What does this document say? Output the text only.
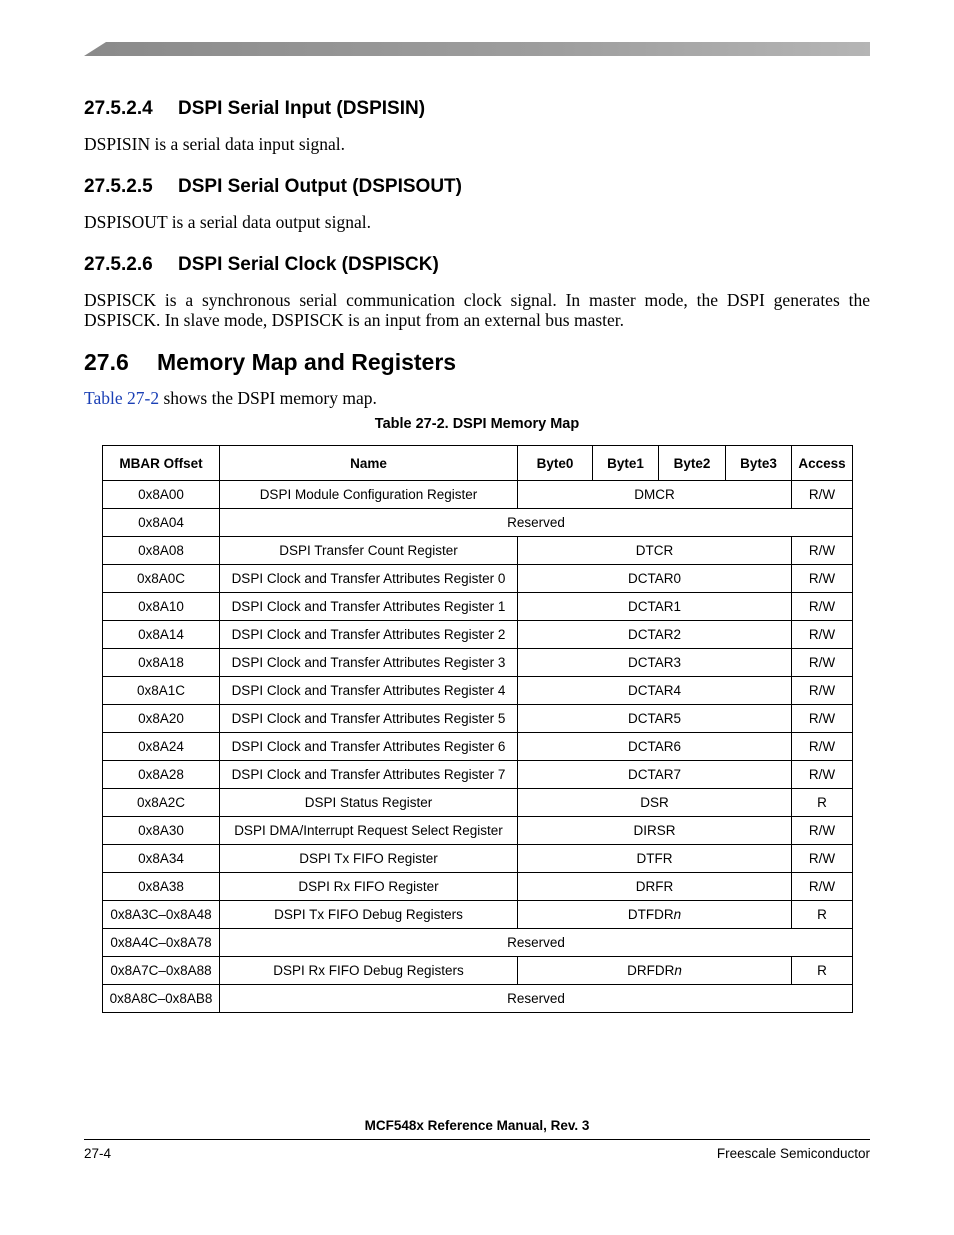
27.5.2.4 DSPI Serial Input (DSPISIN)
DSPISIN is a serial data input signal.
27.5.2.5 DSPI Serial Output (DSPISOUT)
DSPISOUT is a serial data output signal.
27.5.2.6 DSPI Serial Clock (DSPISCK)
DSPISCK is a synchronous serial communication clock signal. In master mode, the DSPI generates the DSPISCK. In slave mode, DSPISCK is an input from an external bus master.
27.6 Memory Map and Registers
Table 27-2 shows the DSPI memory map.
Table 27-2. DSPI Memory Map
MBAR Offset	Name	Byte0	Byte1	Byte2	Byte3	Access
0x8A00	DSPI Module Configuration Register	DMCR				R/W
0x8A04	Reserved					
0x8A08	DSPI Transfer Count Register	DTCR				R/W
0x8A0C	DSPI Clock and Transfer Attributes Register 0	DCTAR0				R/W
0x8A10	DSPI Clock and Transfer Attributes Register 1	DCTAR1				R/W
0x8A14	DSPI Clock and Transfer Attributes Register 2	DCTAR2				R/W
0x8A18	DSPI Clock and Transfer Attributes Register 3	DCTAR3				R/W
0x8A1C	DSPI Clock and Transfer Attributes Register 4	DCTAR4				R/W
0x8A20	DSPI Clock and Transfer Attributes Register 5	DCTAR5				R/W
0x8A24	DSPI Clock and Transfer Attributes Register 6	DCTAR6				R/W
0x8A28	DSPI Clock and Transfer Attributes Register 7	DCTAR7				R/W
0x8A2C	DSPI Status Register	DSR				R
0x8A30	DSPI DMA/Interrupt Request Select Register	DIRSR				R/W
0x8A34	DSPI Tx FIFO Register	DTFR				R/W
0x8A38	DSPI Rx FIFO Register	DRFR				R/W
0x8A3C–0x8A48	DSPI Tx FIFO Debug Registers	DTFDRn				R
0x8A4C–0x8A78	Reserved					
0x8A7C–0x8A88	DSPI Rx FIFO Debug Registers	DRFDRn				R
0x8A8C–0x8AB8	Reserved					
MCF548x Reference Manual, Rev. 3
27-4	Freescale Semiconductor
